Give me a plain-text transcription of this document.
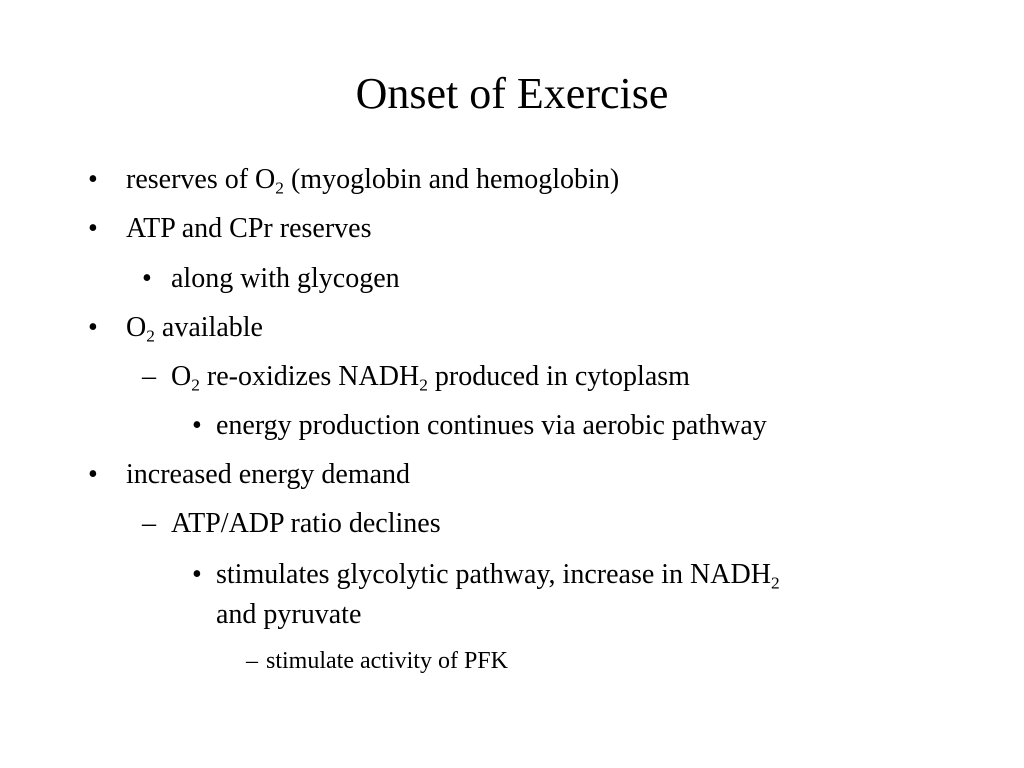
Onset of Exercise
• reserves of $O_2$ (myoglobin and hemoglobin)
• ATP and CPr reserves
• along with glycogen
• $O_2$ available
– $O_2$ re-oxidizes $NADH_2$ produced in cytoplasm
• energy production continues via aerobic pathway
• increased energy demand
– ATP/ADP ratio declines
• stimulates glycolytic pathway, increase in $NADH_2$
and pyruvate
– stimulate activity of PFK
